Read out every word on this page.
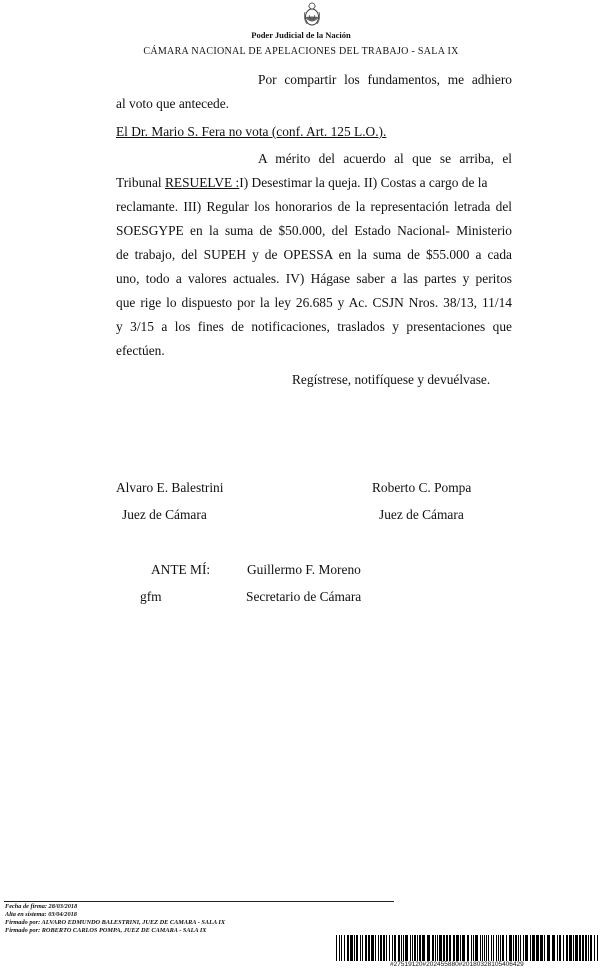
Poder Judicial de la Nación
CÁMARA NACIONAL DE APELACIONES DEL TRABAJO - SALA IX
Por compartir los fundamentos, me adhiero
al voto que antecede.
El Dr. Mario S. Fera no vota (conf. Art. 125 L.O.).
A mérito del acuerdo al que se arriba, el
Tribunal RESUELVE :I) Desestimar la queja. II) Costas a cargo de la
reclamante. III) Regular los honorarios de la representación letrada del
SOESGYPE en la suma de $50.000, del Estado Nacional- Ministerio
de trabajo, del SUPEH y de OPESSA en la suma de $55.000 a cada
uno, todo a valores actuales. IV) Hágase saber a las partes y peritos
que rige lo dispuesto por la ley 26.685 y Ac. CSJN Nros. 38/13, 11/14
y 3/15 a los fines de notificaciones, traslados y presentaciones que
efectúen.
Regístrese, notifíquese y devuélvase.
Alvaro E. Balestrini
Juez de Cámara
Roberto C. Pompa
Juez de Cámara
ANTE MÍ:	Guillermo F. Moreno
gfm	Secretario de Cámara
Fecha de firma: 28/03/2018
Alta en sistema: 03/04/2018
Firmado por: ALVARO EDMUNDO BALESTRINI, JUEZ DE CAMARA - SALA IX
Firmado por: ROBERTO CARLOS POMPA, JUEZ DE CAMARA - SALA IX
#27519120#202455880#20180328105406429
